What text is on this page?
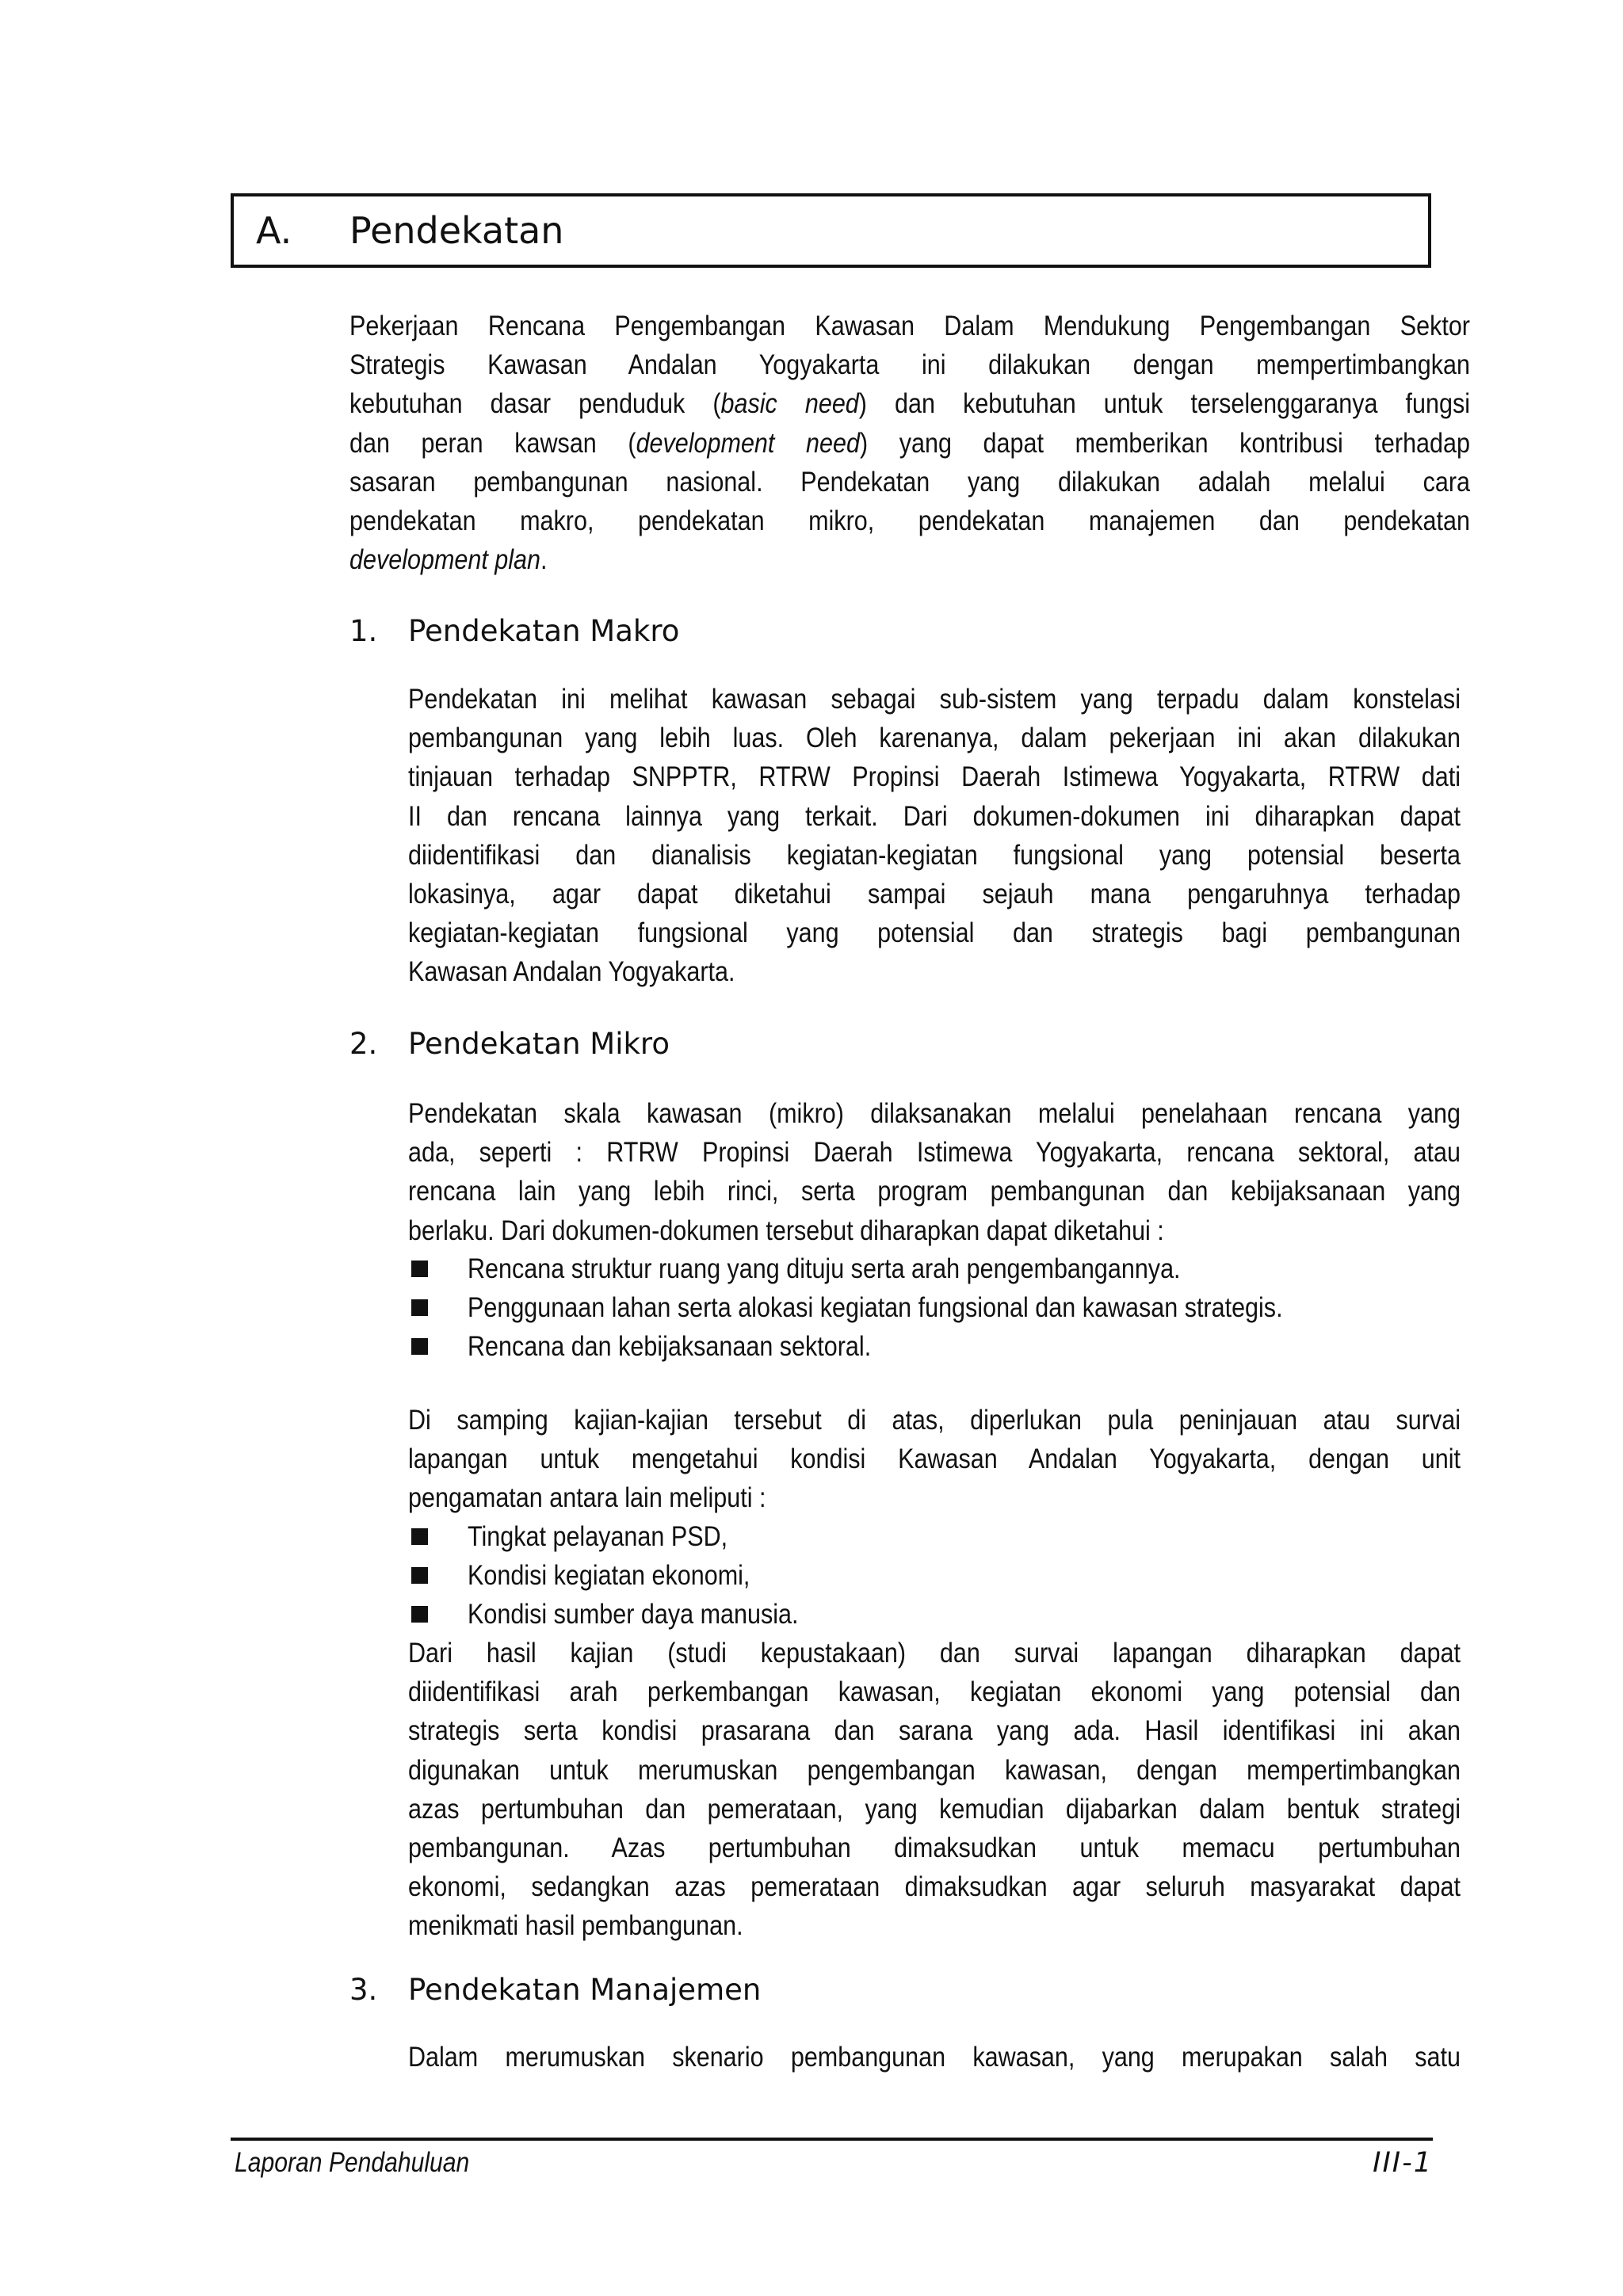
A. Pendekatan
Pekerjaan Rencana Pengembangan Kawasan Dalam Mendukung Pengembangan Sektor
Strategis Kawasan Andalan Yogyakarta ini dilakukan dengan mempertimbangkan
kebutuhan dasar penduduk (basic need) dan kebutuhan untuk terselenggaranya fungsi
dan peran kawsan (development need) yang dapat memberikan kontribusi terhadap
sasaran pembangunan nasional. Pendekatan yang dilakukan adalah melalui cara
pendekatan makro, pendekatan mikro, pendekatan manajemen dan pendekatan
development plan.
1. Pendekatan Makro
Pendekatan ini melihat kawasan sebagai sub-sistem yang terpadu dalam konstelasi
pembangunan yang lebih luas. Oleh karenanya, dalam pekerjaan ini akan dilakukan
tinjauan terhadap SNPPTR, RTRW Propinsi Daerah Istimewa Yogyakarta, RTRW dati
II dan rencana lainnya yang terkait. Dari dokumen-dokumen ini diharapkan dapat
diidentifikasi dan dianalisis kegiatan-kegiatan fungsional yang potensial beserta
lokasinya, agar dapat diketahui sampai sejauh mana pengaruhnya terhadap
kegiatan-kegiatan fungsional yang potensial dan strategis bagi pembangunan
Kawasan Andalan Yogyakarta.
2. Pendekatan Mikro
Pendekatan skala kawasan (mikro) dilaksanakan melalui penelahaan rencana yang
ada, seperti : RTRW Propinsi Daerah Istimewa Yogyakarta, rencana sektoral, atau
rencana lain yang lebih rinci, serta program pembangunan dan kebijaksanaan yang
berlaku. Dari dokumen-dokumen tersebut diharapkan dapat diketahui :
Rencana struktur ruang yang dituju serta arah pengembangannya.
Penggunaan lahan serta alokasi kegiatan fungsional dan kawasan strategis.
Rencana dan kebijaksanaan sektoral.
Di samping kajian-kajian tersebut di atas, diperlukan pula peninjauan atau survai
lapangan untuk mengetahui kondisi Kawasan Andalan Yogyakarta, dengan unit
pengamatan antara lain meliputi :
Tingkat pelayanan PSD,
Kondisi kegiatan ekonomi,
Kondisi sumber daya manusia.
Dari hasil kajian (studi kepustakaan) dan survai lapangan diharapkan dapat
diidentifikasi arah perkembangan kawasan, kegiatan ekonomi yang potensial dan
strategis serta kondisi prasarana dan sarana yang ada. Hasil identifikasi ini akan
digunakan untuk merumuskan pengembangan kawasan, dengan mempertimbangkan
azas pertumbuhan dan pemerataan, yang kemudian dijabarkan dalam bentuk strategi
pembangunan. Azas pertumbuhan dimaksudkan untuk memacu pertumbuhan
ekonomi, sedangkan azas pemerataan dimaksudkan agar seluruh masyarakat dapat
menikmati hasil pembangunan.
3. Pendekatan Manajemen
Dalam merumuskan skenario pembangunan kawasan, yang merupakan salah satu
Laporan Pendahuluan	III-1
